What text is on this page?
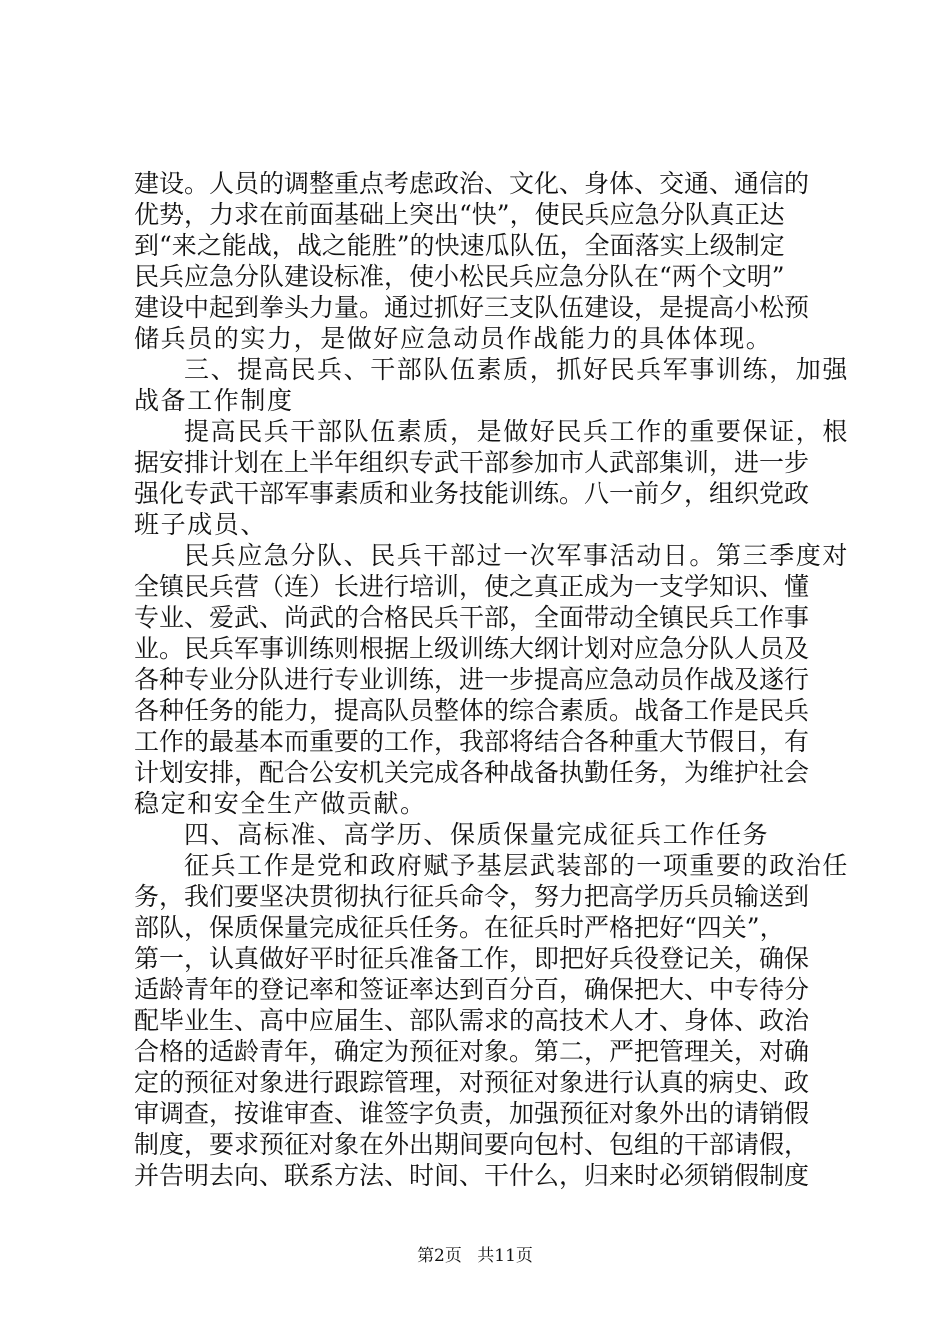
建设。人员的调整重点考虑政治、文化、身体、交通、通信的
优势，力求在前面基础上突出“快”，使民兵应急分队真正达
到“来之能战，战之能胜”的快速瓜队伍，全面落实上级制定
民兵应急分队建设标准，使小松民兵应急分队在“两个文明”
建设中起到拳头力量。通过抓好三支队伍建设，是提高小松预
储兵员的实力，是做好应急动员作战能力的具体体现。
三、提高民兵、干部队伍素质，抓好民兵军事训练，加强
战备工作制度
提高民兵干部队伍素质，是做好民兵工作的重要保证，根
据安排计划在上半年组织专武干部参加市人武部集训，进一步
强化专武干部军事素质和业务技能训练。八一前夕，组织党政
班子成员、
民兵应急分队、民兵干部过一次军事活动日。第三季度对
全镇民兵营（连）长进行培训，使之真正成为一支学知识、懂
专业、爱武、尚武的合格民兵干部，全面带动全镇民兵工作事
业。民兵军事训练则根据上级训练大纲计划对应急分队人员及
各种专业分队进行专业训练，进一步提高应急动员作战及遂行
各种任务的能力，提高队员整体的综合素质。战备工作是民兵
工作的最基本而重要的工作，我部将结合各种重大节假日，有
计划安排，配合公安机关完成各种战备执勤任务，为维护社会
稳定和安全生产做贡献。
四、高标准、高学历、保质保量完成征兵工作任务
征兵工作是党和政府赋予基层武装部的一项重要的政治任
务，我们要坚决贯彻执行征兵命令，努力把高学历兵员输送到
部队，保质保量完成征兵任务。在征兵时严格把好“四关”，
第一，认真做好平时征兵准备工作，即把好兵役登记关，确保
适龄青年的登记率和签证率达到百分百，确保把大、中专待分
配毕业生、高中应届生、部队需求的高技术人才、身体、政治
合格的适龄青年，确定为预征对象。第二，严把管理关，对确
定的预征对象进行跟踪管理，对预征对象进行认真的病史、政
审调查，按谁审查、谁签字负责，加强预征对象外出的请销假
制度，要求预征对象在外出期间要向包村、包组的干部请假，
并告明去向、联系方法、时间、干什么，归来时必须销假制度
第2页 共11页
